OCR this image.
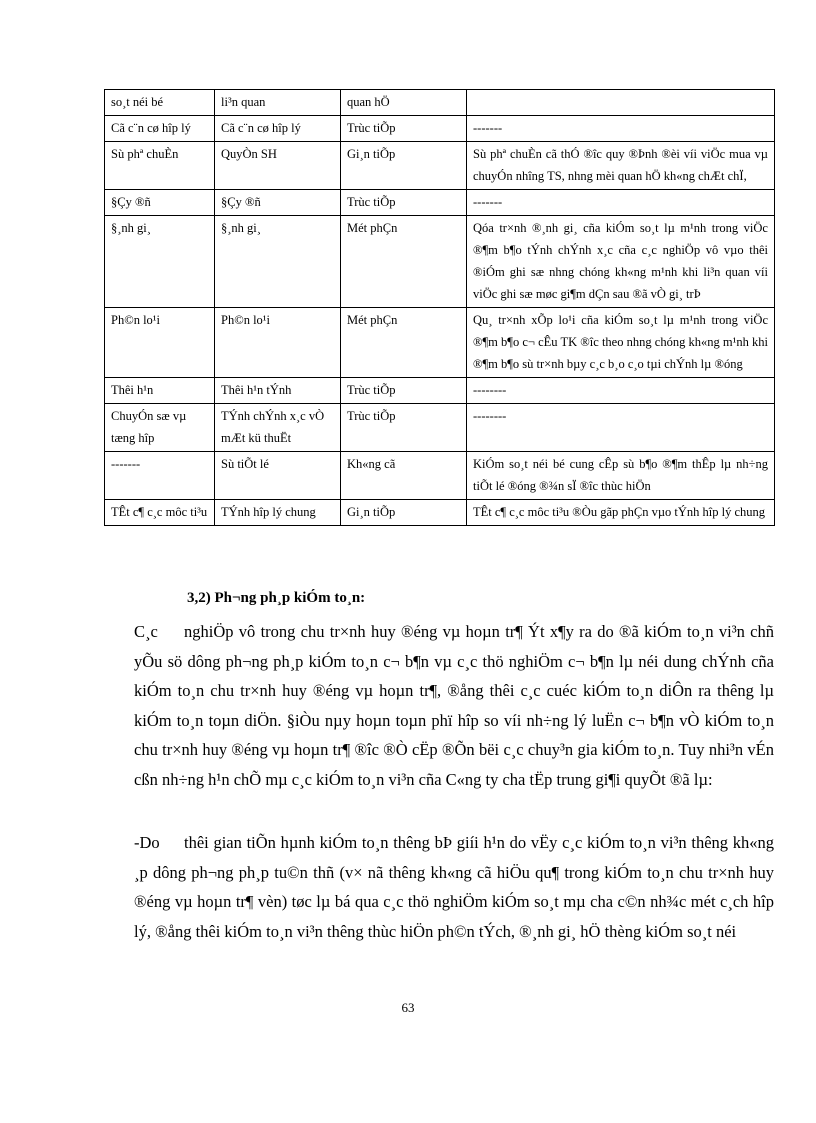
so¸t néi bé	li³n quan	quan hÖ	
Cã c¨n cø hîp lý	Cã c¨n cø hîp lý	Trùc tiÕp	-------
Sù phª chuÈn	QuyÒn SH	Gi¸n tiÕp	Sù phª chuÈn cã thÓ ®îc quy ®Þnh ®èi víi viÖc mua vµ chuyÓn nhîng TS, nhng mèi quan hÖ kh«ng chÆt chÏ,
§Çy ®ñ	§Çy ®ñ	Trùc tiÕp	-------
§¸nh gi¸	§¸nh gi¸	Mét phÇn	Qóa tr×nh ®¸nh gi¸ cña kiÓm so¸t lµ m¹nh trong viÖc ®¶m b¶o tÝnh chÝnh x¸c cña c¸c nghiÖp vô vµo thêi ®iÓm ghi sæ nhng chóng kh«ng m¹nh khi li³n quan víi viÖc ghi sæ møc gi¶m dÇn sau ®ã vÒ gi¸ trÞ
Ph©n lo¹i	Ph©n lo¹i	Mét phÇn	Qu¸ tr×nh xÕp lo¹i cña kiÓm so¸t lµ m¹nh trong viÖc ®¶m b¶o c¬ cÊu TK ®îc theo nhng chóng kh«ng m¹nh khi ®¶m b¶o sù tr×nh bµy c¸c b¸o c¸o tµi chÝnh lµ ®óng
Thêi h¹n	Thêi h¹n tÝnh	Trùc tiÕp	--------
ChuyÓn sæ vµ tæng hîp	TÝnh chÝnh x¸c vÒ mÆt kü thuËt	Trùc tiÕp	--------
-------	Sù tiÕt lé	Kh«ng cã	KiÓm so¸t néi bé cung cÊp sù b¶o ®¶m thÊp lµ nh÷ng tiÕt lé ®óng ®¾n sÏ ®îc thùc hiÖn
TÊt c¶ c¸c môc ti³u	TÝnh hîp lý chung	Gi¸n tiÕp	TÊt c¶ c¸c môc ti³u ®Òu gãp phÇn vµo tÝnh hîp lý chung
3,2) Ph¬ng ph¸p kiÓm to¸n:
C¸c nghiÖp vô trong chu tr×nh huy ®éng vµ hoµn tr¶ Ýt x¶y ra do ®ã kiÓm to¸n vi³n chñ yÕu sö dông ph¬ng ph¸p kiÓm to¸n c¬ b¶n vµ c¸c thö nghiÖm c¬ b¶n lµ néi dung chÝnh cña kiÓm to¸n chu tr×nh huy ®éng vµ hoµn tr¶, ®ång thêi c¸c cuéc kiÓm to¸n diÔn ra thêng lµ kiÓm to¸n toµn diÖn. §iÒu nµy hoµn toµn phï hîp so víi nh÷ng lý luËn c¬ b¶n vÒ kiÓm to¸n chu tr×nh huy ®éng vµ hoµn tr¶ ®îc ®Ò cËp ®Õn bëi c¸c chuy³n gia kiÓm to¸n. Tuy nhi³n vÉn cßn nh÷ng h¹n chÕ mµ c¸c kiÓm to¸n vi³n cña C«ng ty cha tËp trung gi¶i quyÕt ®ã lµ:
-Do thêi gian tiÕn hµnh kiÓm to¸n thêng bÞ giíi h¹n do vËy c¸c kiÓm to¸n vi³n thêng kh«ng ¸p dông ph¬ng ph¸p tu©n thñ (v× nã thêng kh«ng cã hiÖu qu¶ trong kiÓm to¸n chu tr×nh huy ®éng vµ hoµn tr¶ vèn) tøc lµ bá qua c¸c thö nghiÖm kiÓm so¸t mµ cha c©n nh¾c mét c¸ch hîp lý, ®ång thêi kiÓm to¸n vi³n thêng thùc hiÖn ph©n tÝch, ®¸nh gi¸ hÖ thèng kiÓm so¸t néi
63
